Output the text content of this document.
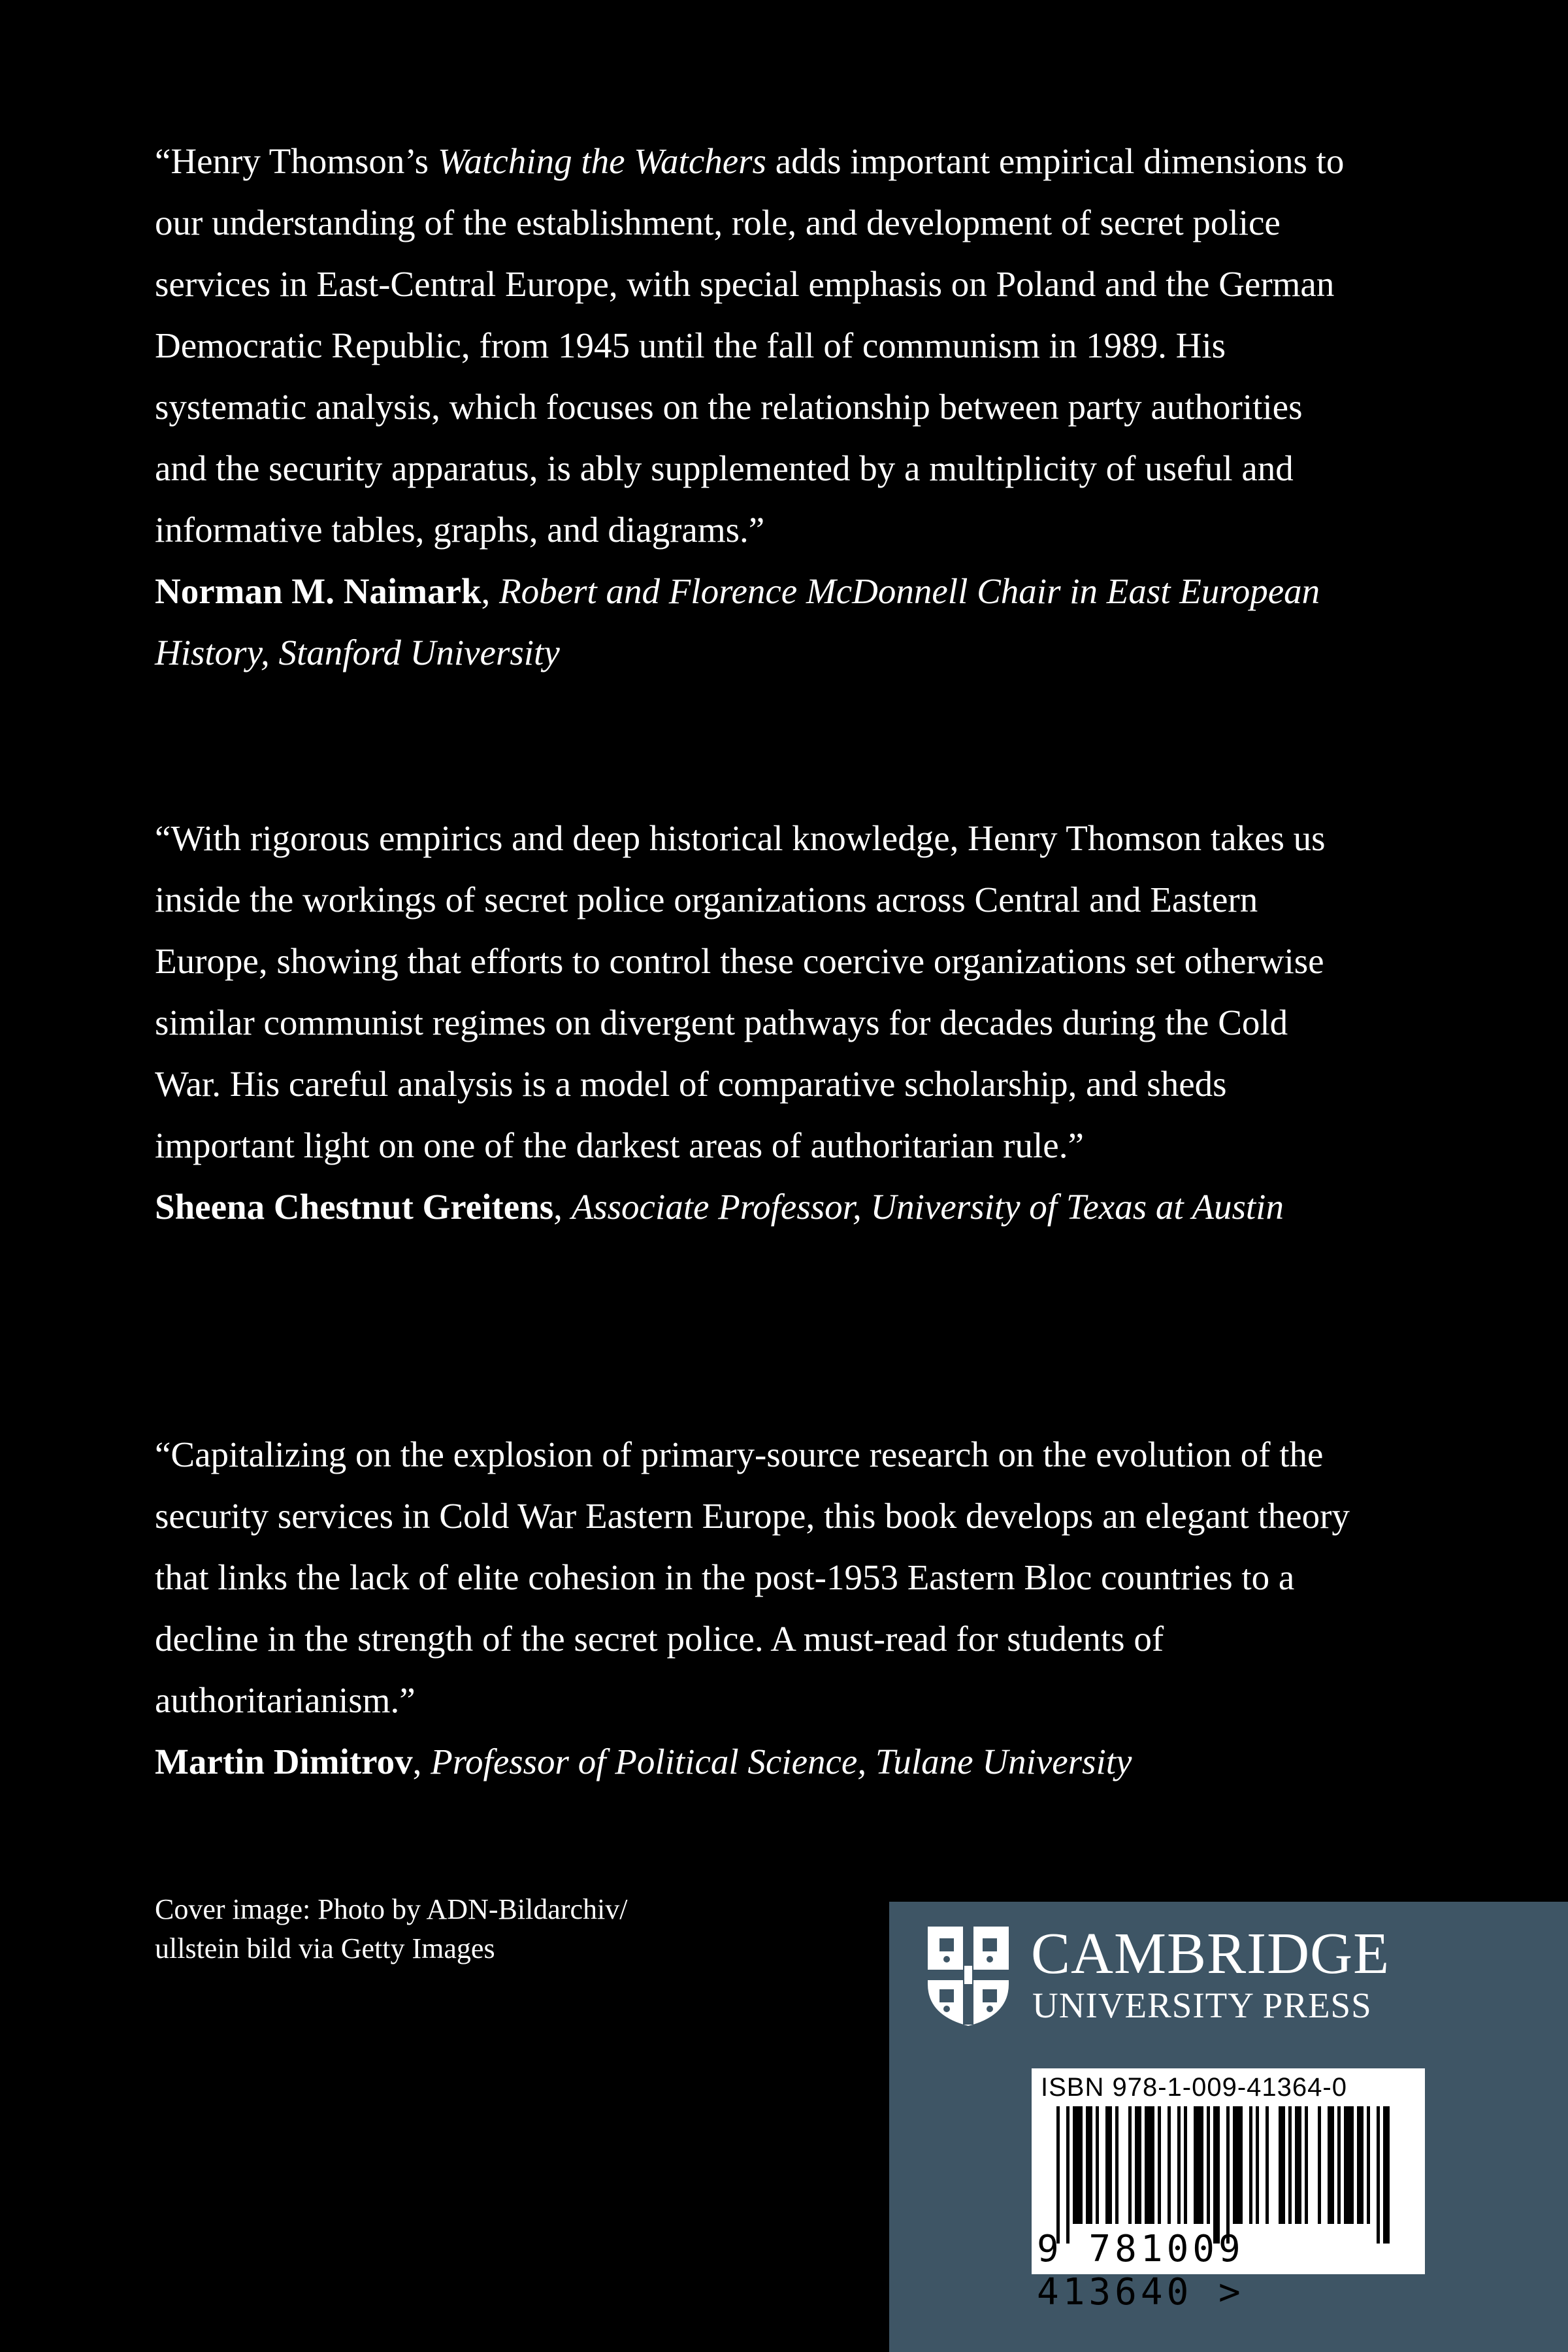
“Henry Thomson’s Watching the Watchers adds important empirical dimensions to our understanding of the establishment, role, and development of secret police services in East-Central Europe, with special emphasis on Poland and the German Democratic Republic, from 1945 until the fall of communism in 1989. His systematic analysis, which focuses on the relationship between party authorities and the security apparatus, is ably supplemented by a multiplicity of useful and informative tables, graphs, and diagrams.”

Norman M. Naimark, Robert and Florence McDonnell Chair in East European History, Stanford University

“With rigorous empirics and deep historical knowledge, Henry Thomson takes us inside the workings of secret police organizations across Central and Eastern Europe, showing that efforts to control these coercive organizations set otherwise similar communist regimes on divergent pathways for decades during the Cold War. His careful analysis is a model of comparative scholarship, and sheds important light on one of the darkest areas of authoritarian rule.”

Sheena Chestnut Greitens, Associate Professor, University of Texas at Austin

“Capitalizing on the explosion of primary-source research on the evolution of the security services in Cold War Eastern Europe, this book develops an elegant theory that links the lack of elite cohesion in the post-1953 Eastern Bloc countries to a decline in the strength of the secret police. A must-read for students of authoritarianism.”

Martin Dimitrov, Professor of Political Science, Tulane University

Cover image: Photo by ADN-Bildarchiv/
ullstein bild via Getty Images	CAMBRIDGE
UNIVERSITY PRESS
ISBN 978-1-009-41364-0
9 781009 413640 >
